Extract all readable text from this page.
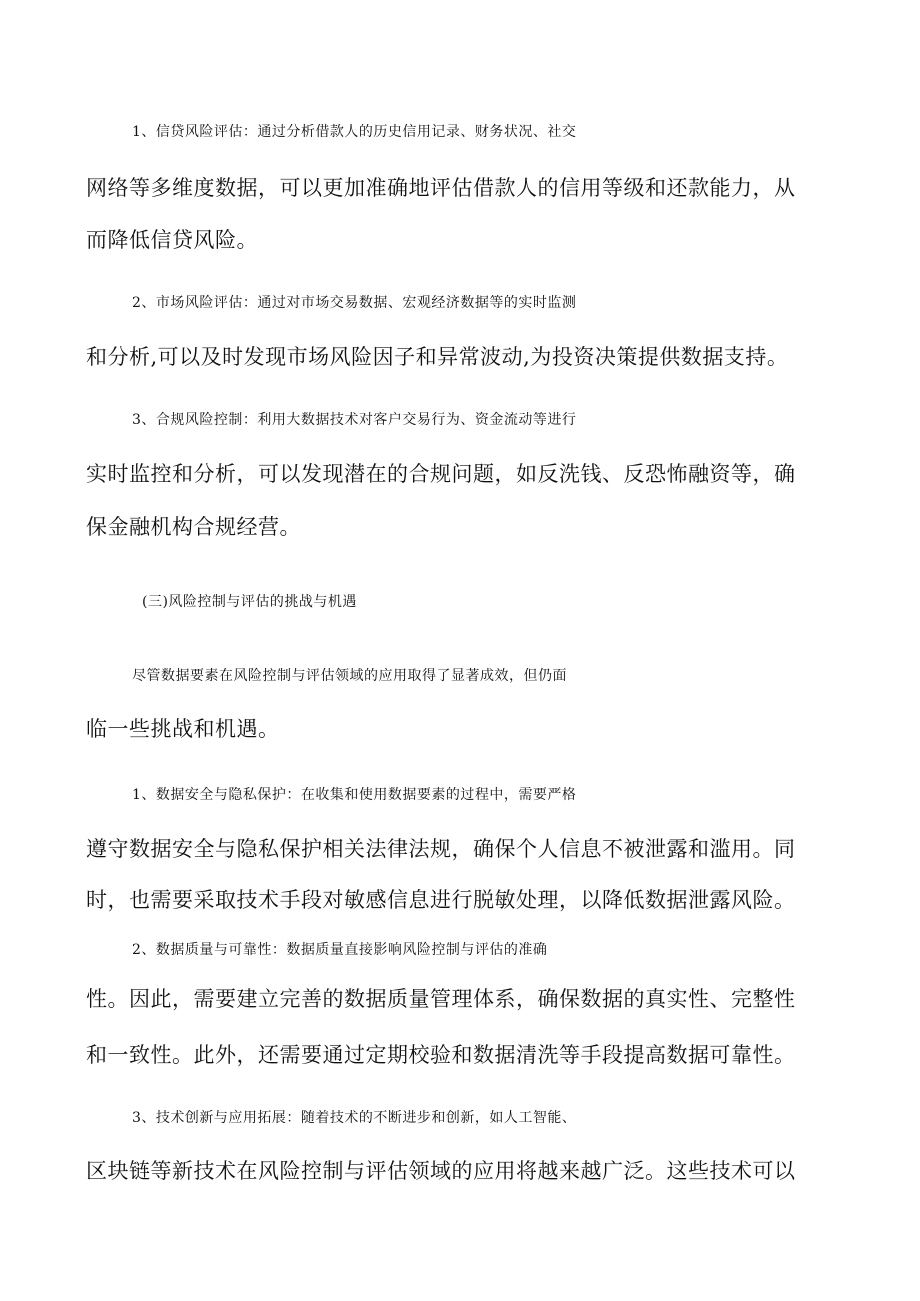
1、信贷风险评估：通过分析借款人的历史信用记录、财务状况、社交
网络等多维度数据，可以更加准确地评估借款人的信用等级和还款能力，从
而降低信贷风险。
2、市场风险评估：通过对市场交易数据、宏观经济数据等的实时监测
和分析,可以及时发现市场风险因子和异常波动,为投资决策提供数据支持。
3、合规风险控制：利用大数据技术对客户交易行为、资金流动等进行
实时监控和分析，可以发现潜在的合规问题，如反洗钱、反恐怖融资等，确
保金融机构合规经营。
(三)风险控制与评估的挑战与机遇
尽管数据要素在风险控制与评估领域的应用取得了显著成效，但仍面
临一些挑战和机遇。
1、数据安全与隐私保护：在收集和使用数据要素的过程中，需要严格
遵守数据安全与隐私保护相关法律法规，确保个人信息不被泄露和滥用。同
时，也需要采取技术手段对敏感信息进行脱敏处理，以降低数据泄露风险。
2、数据质量与可靠性：数据质量直接影响风险控制与评估的准确
性。因此，需要建立完善的数据质量管理体系，确保数据的真实性、完整性
和一致性。此外，还需要通过定期校验和数据清洗等手段提高数据可靠性。
3、技术创新与应用拓展：随着技术的不断进步和创新，如人工智能、
区块链等新技术在风险控制与评估领域的应用将越来越广泛。这些技术可以
